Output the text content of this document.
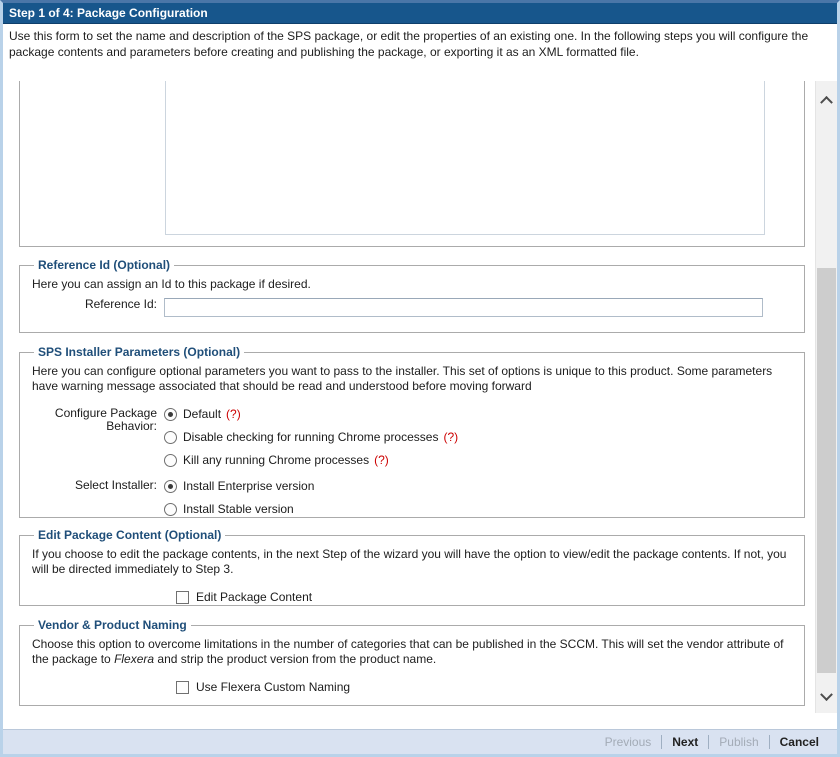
Step 1 of 4: Package Configuration
Use this form to set the name and description of the SPS package, or edit the properties of an existing one. In the following steps you will configure the package contents and parameters before creating and publishing the package, or exporting it as an XML formatted file.
Reference Id (Optional)
Here you can assign an Id to this package if desired.
Reference Id:
SPS Installer Parameters (Optional)
Here you can configure optional parameters you want to pass to the installer. This set of options is unique to this product. Some parameters have warning message associated that should be read and understood before moving forward
Configure Package Behavior:
Default (?)
Disable checking for running Chrome processes (?)
Kill any running Chrome processes (?)
Select Installer:	Install Enterprise version
Install Stable version
Edit Package Content (Optional)
If you choose to edit the package contents, in the next Step of the wizard you will have the option to view/edit the package contents. If not, you will be directed immediately to Step 3.
Edit Package Content
Vendor & Product Naming
Choose this option to overcome limitations in the number of categories that can be published in the SCCM. This will set the vendor attribute of the package to Flexera and strip the product version from the product name.
Use Flexera Custom Naming
Previous	Next	Publish	Cancel
